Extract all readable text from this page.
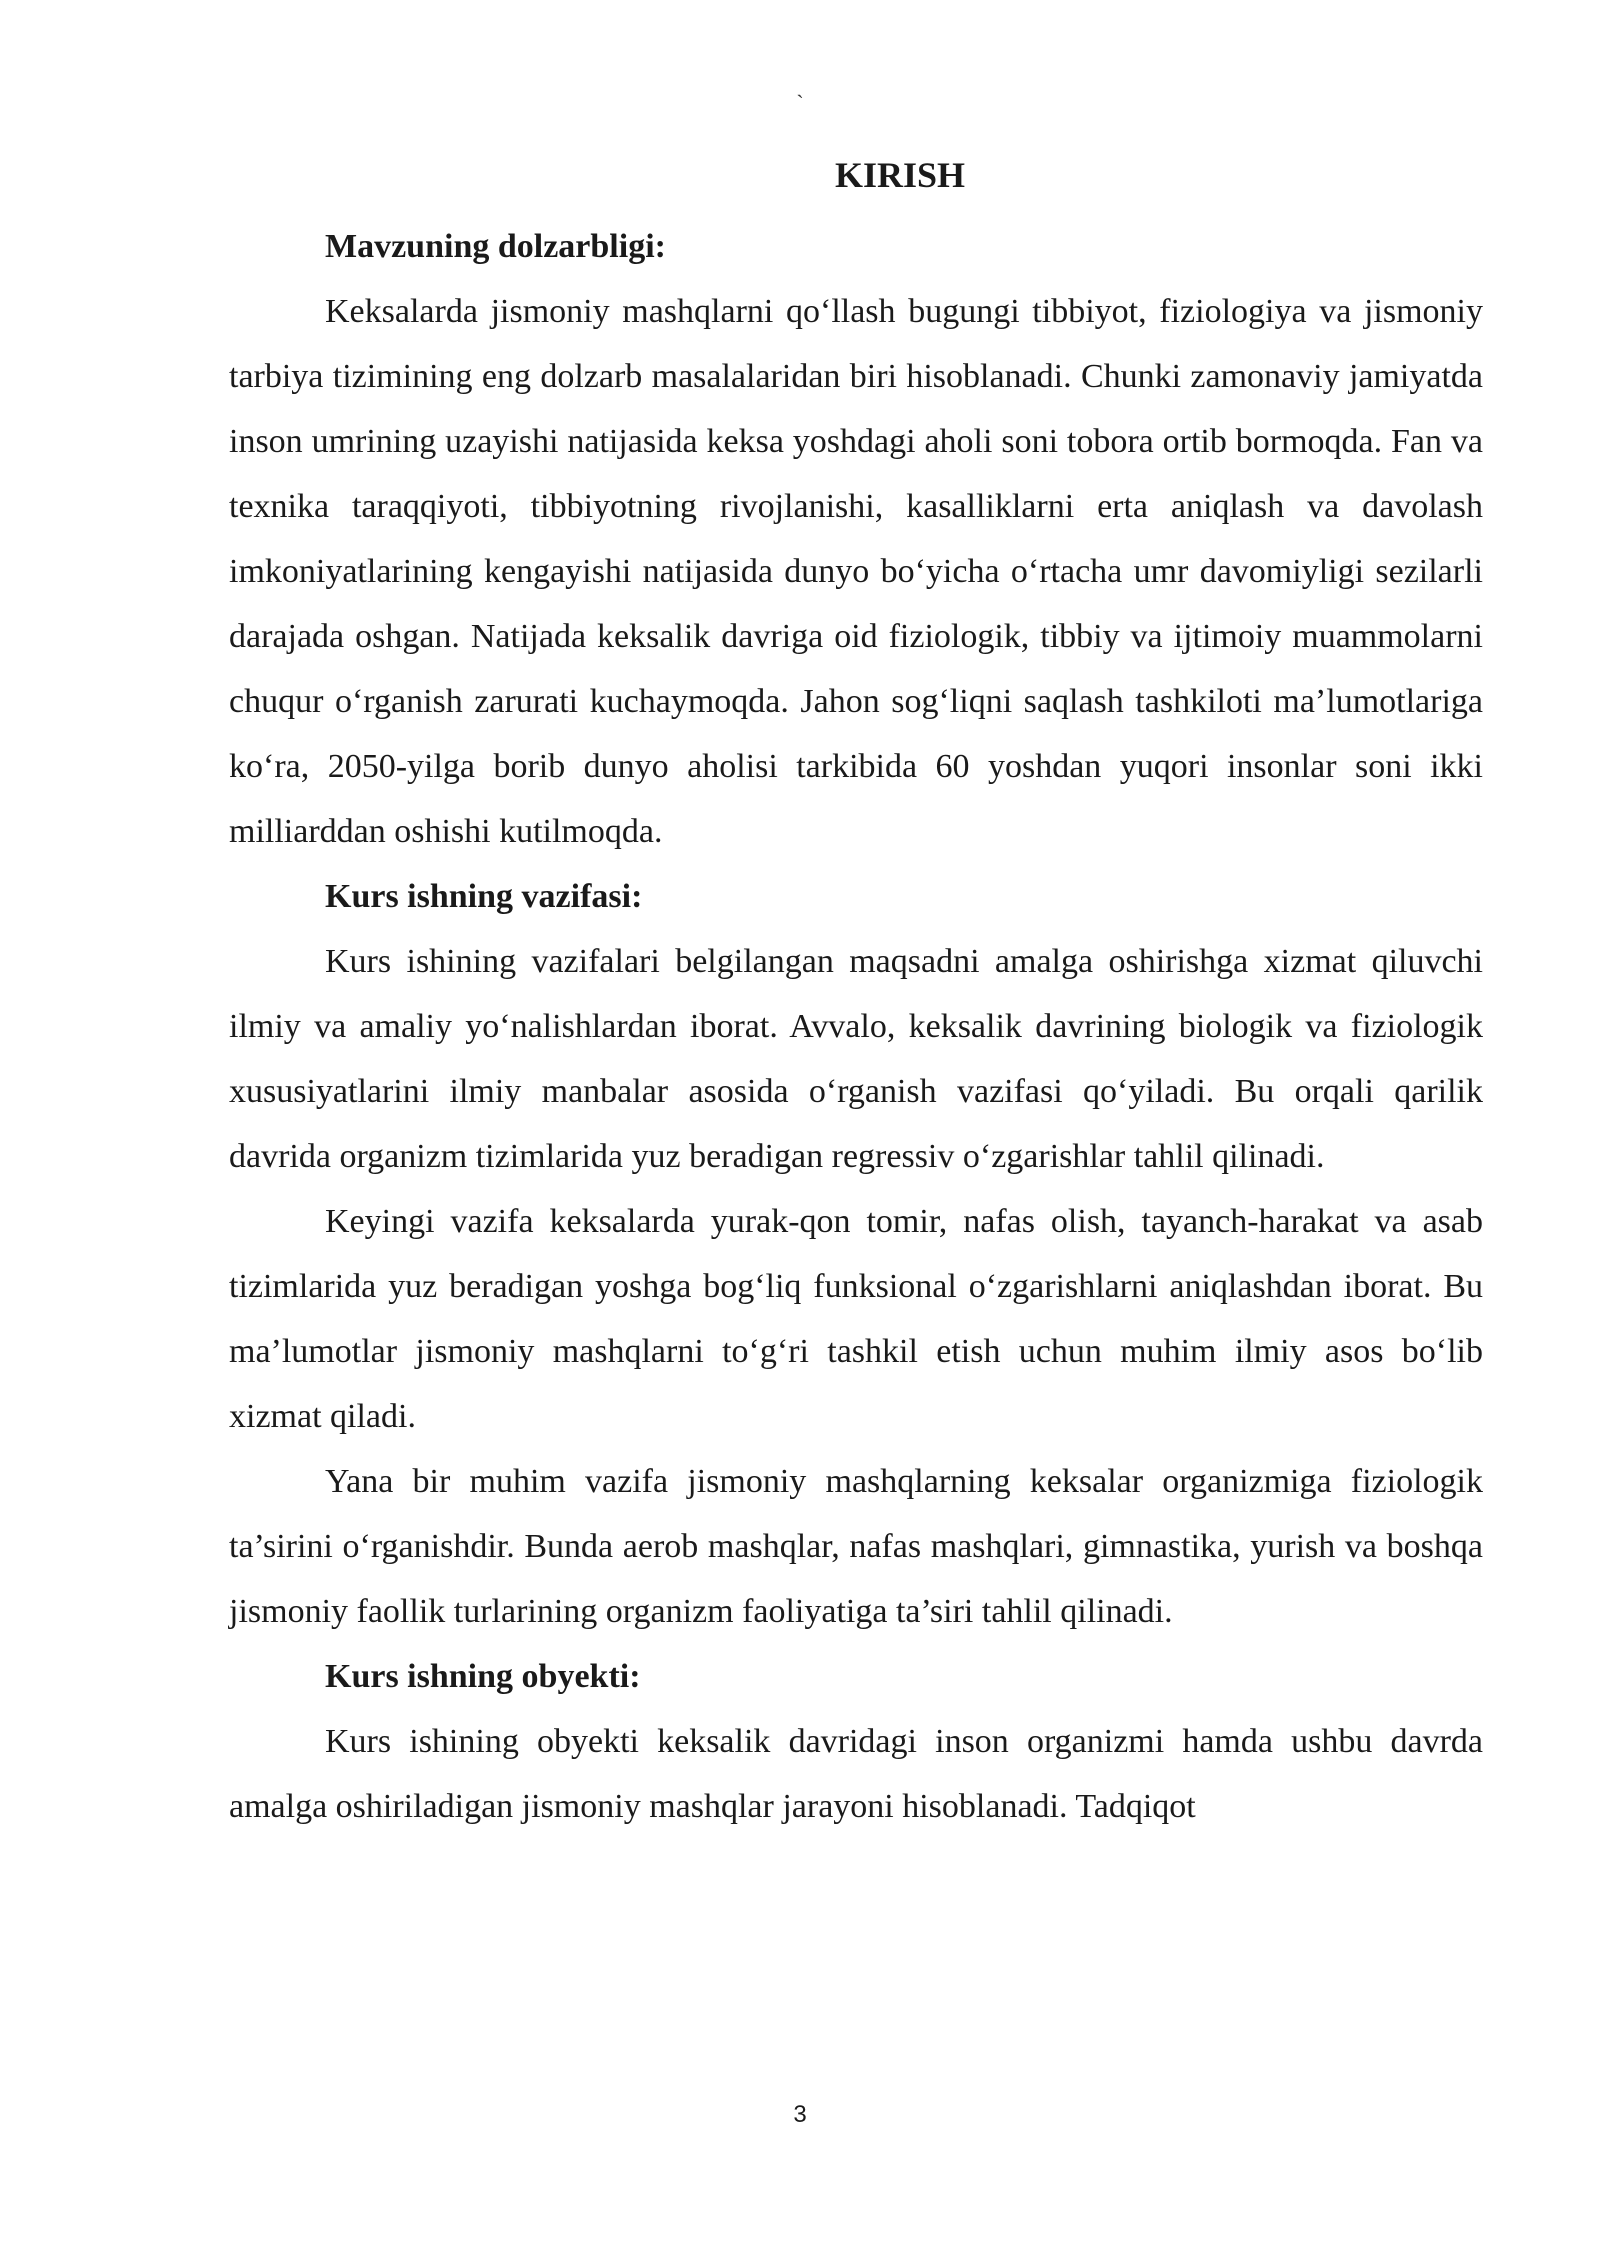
`
KIRISH

Mavzuning dolzarbligi:

Keksalarda jismoniy mashqlarni qo‘llash bugungi tibbiyot, fiziologiya va jismoniy tarbiya tizimining eng dolzarb masalalaridan biri hisoblanadi. Chunki zamonaviy jamiyatda inson umrining uzayishi natijasida keksa yoshdagi aholi soni tobora ortib bormoqda. Fan va texnika taraqqiyoti, tibbiyotning rivojlanishi, kasalliklarni erta aniqlash va davolash imkoniyatlarining kengayishi natijasida dunyo bo‘yicha o‘rtacha umr davomiyligi sezilarli darajada oshgan. Natijada keksalik davriga oid fiziologik, tibbiy va ijtimoiy muammolarni chuqur o‘rganish zarurati kuchaymoqda. Jahon sog‘liqni saqlash tashkiloti ma’lumotlariga ko‘ra, 2050-yilga borib dunyo aholisi tarkibida 60 yoshdan yuqori insonlar soni ikki milliarddan oshishi kutilmoqda.

Kurs ishning vazifasi:

Kurs ishining vazifalari belgilangan maqsadni amalga oshirishga xizmat qiluvchi ilmiy va amaliy yo‘nalishlardan iborat. Avvalo, keksalik davrining biologik va fiziologik xususiyatlarini ilmiy manbalar asosida o‘rganish vazifasi qo‘yiladi. Bu orqali qarilik davrida organizm tizimlarida yuz beradigan regressiv o‘zgarishlar tahlil qilinadi.

Keyingi vazifa keksalarda yurak-qon tomir, nafas olish, tayanch-harakat va asab tizimlarida yuz beradigan yoshga bog‘liq funksional o‘zgarishlarni aniqlashdan iborat. Bu ma’lumotlar jismoniy mashqlarni to‘g‘ri tashkil etish uchun muhim ilmiy asos bo‘lib xizmat qiladi.

Yana bir muhim vazifa jismoniy mashqlarning keksalar organizmiga fiziologik ta’sirini o‘rganishdir. Bunda aerob mashqlar, nafas mashqlari, gimnastika, yurish va boshqa jismoniy faollik turlarining organizm faoliyatiga ta’siri tahlil qilinadi.

Kurs ishning obyekti:

Kurs ishining obyekti keksalik davridagi inson organizmi hamda ushbu davrda amalga oshiriladigan jismoniy mashqlar jarayoni hisoblanadi. Tadqiqot

3
